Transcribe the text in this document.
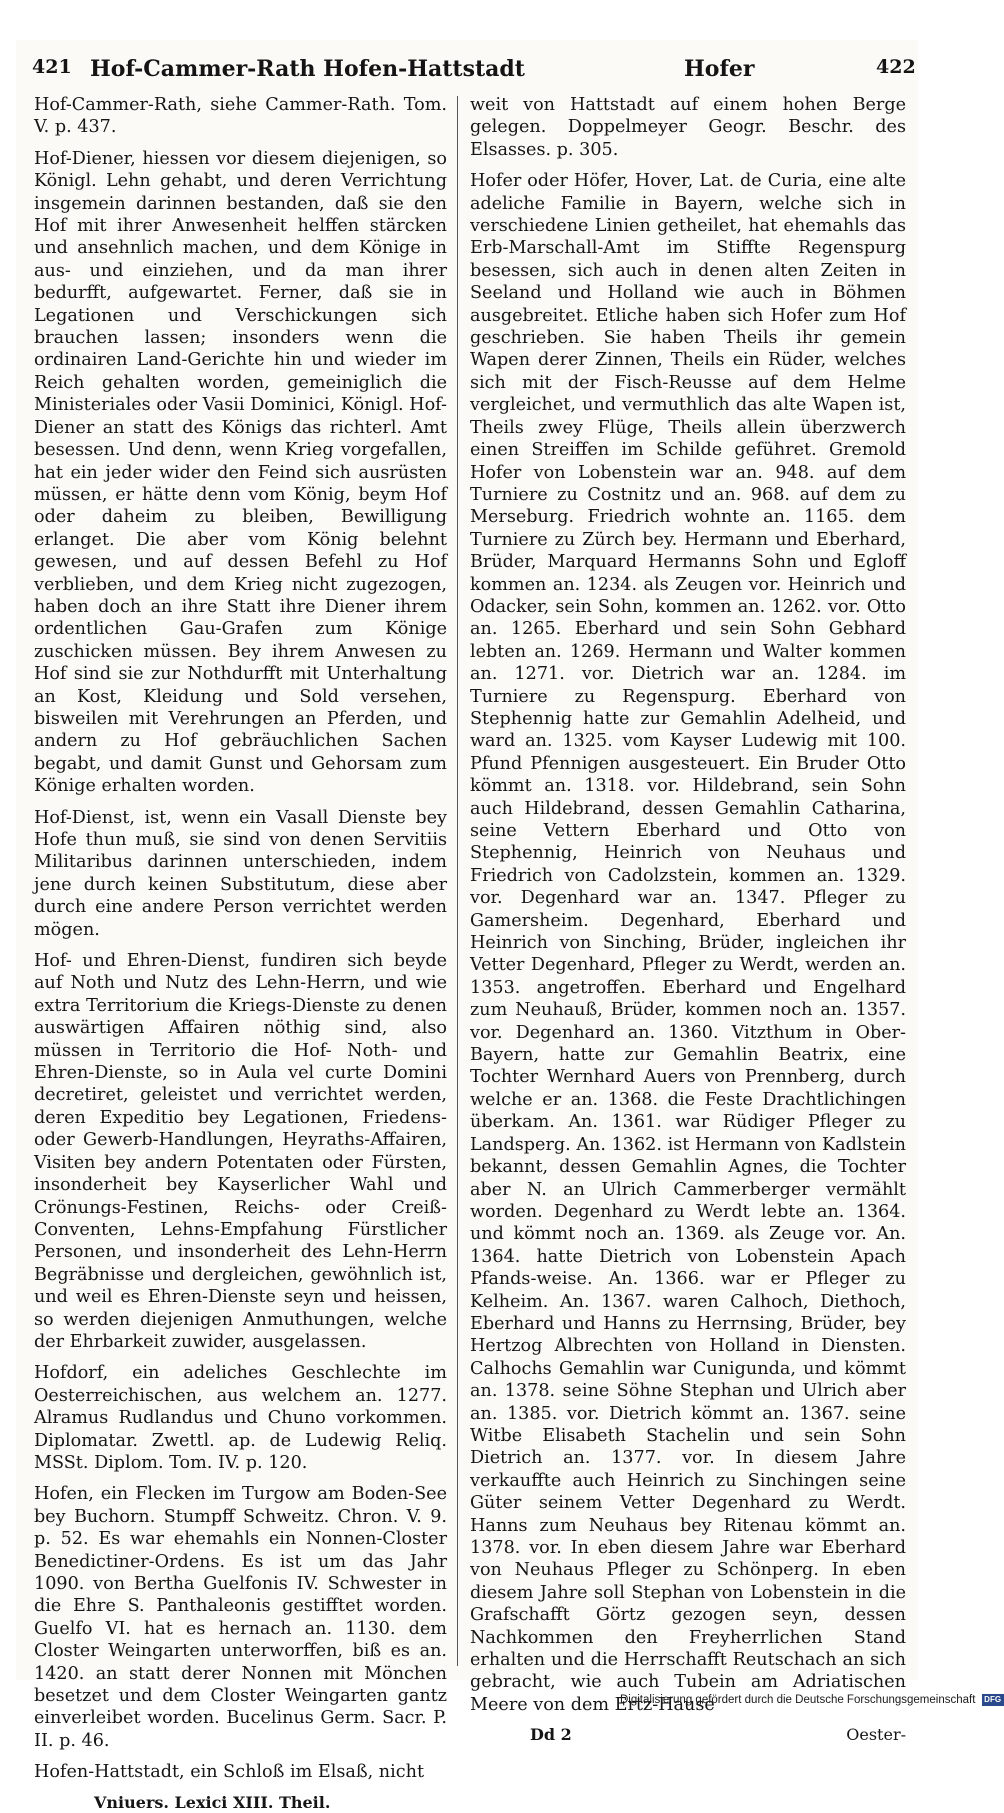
421 Hof-Cammer-Rath Hofen-Hattstadt	Hofer	422

Hof-Cammer-Rath, siehe Cammer-Rath. Tom. V. p. 437.

Hof-Diener, hiessen vor diesem diejenigen, so Königl. Lehn gehabt, und deren Verrichtung insgemein darinnen bestanden, daß sie den Hof mit ihrer Anwesenheit helffen stärcken und ansehnlich machen, und dem Könige in aus- und einziehen, und da man ihrer bedurfft, aufgewartet. Ferner, daß sie in Legationen und Verschickungen sich brauchen lassen; insonders wenn die ordinairen Land-Gerichte hin und wieder im Reich gehalten worden, gemeiniglich die Ministeriales oder Vasii Dominici, Königl. Hof-Diener an statt des Königs das richterl. Amt besessen. Und denn, wenn Krieg vorgefallen, hat ein jeder wider den Feind sich ausrüsten müssen, er hätte denn vom König, beym Hof oder daheim zu bleiben, Bewilligung erlanget. Die aber vom König belehnt gewesen, und auf dessen Befehl zu Hof verblieben, und dem Krieg nicht zugezogen, haben doch an ihre Statt ihre Diener ihrem ordentlichen Gau-Grafen zum Könige zuschicken müssen. Bey ihrem Anwesen zu Hof sind sie zur Nothdurfft mit Unterhaltung an Kost, Kleidung und Sold versehen, bisweilen mit Verehrungen an Pferden, und andern zu Hof gebräuchlichen Sachen begabt, und damit Gunst und Gehorsam zum Könige erhalten worden.

Hof-Dienst, ist, wenn ein Vasall Dienste bey Hofe thun muß, sie sind von denen Servitiis Militaribus darinnen unterschieden, indem jene durch keinen Substitutum, diese aber durch eine andere Person verrichtet werden mögen.

Hof- und Ehren-Dienst, fundiren sich beyde auf Noth und Nutz des Lehn-Herrn, und wie extra Territorium die Kriegs-Dienste zu denen auswärtigen Affairen nöthig sind, also müssen in Territorio die Hof- Noth- und Ehren-Dienste, so in Aula vel curte Domini decretiret, geleistet und verrichtet werden, deren Expeditio bey Legationen, Friedens- oder Gewerb-Handlungen, Heyraths-Affairen, Visiten bey andern Potentaten oder Fürsten, insonderheit bey Kayserlicher Wahl und Crönungs-Festinen, Reichs- oder Creiß-Conventen, Lehns-Empfahung Fürstlicher Personen, und insonderheit des Lehn-Herrn Begräbnisse und dergleichen, gewöhnlich ist, und weil es Ehren-Dienste seyn und heissen, so werden diejenigen Anmuthungen, welche der Ehrbarkeit zuwider, ausgelassen.

Hofdorf, ein adeliches Geschlechte im Oesterreichischen, aus welchem an. 1277. Alramus Rudlandus und Chuno vorkommen. Diplomatar. Zwettl. ap. de Ludewig Reliq. MSSt. Diplom. Tom. IV. p. 120.

Hofen, ein Flecken im Turgow am Boden-See bey Buchorn. Stumpff Schweitz. Chron. V. 9. p. 52. Es war ehemahls ein Nonnen-Closter Benedictiner-Ordens. Es ist um das Jahr 1090. von Bertha Guelfonis IV. Schwester in die Ehre S. Panthaleonis gestifftet worden. Guelfo VI. hat es hernach an. 1130. dem Closter Weingarten unterworffen, biß es an. 1420. an statt derer Nonnen mit Mönchen besetzet und dem Closter Weingarten gantz einverleibet worden. Bucelinus Germ. Sacr. P. II. p. 46.

Hofen-Hattstadt, ein Schloß im Elsaß, nicht

Vniuers. Lexici XIII. Theil.

weit von Hattstadt auf einem hohen Berge gelegen. Doppelmeyer Geogr. Beschr. des Elsasses. p. 305.

Hofer oder Höfer, Hover, Lat. de Curia, eine alte adeliche Familie in Bayern, welche sich in verschiedene Linien getheilet, hat ehemahls das Erb-Marschall-Amt im Stiffte Regenspurg besessen, sich auch in denen alten Zeiten in Seeland und Holland wie auch in Böhmen ausgebreitet. Etliche haben sich Hofer zum Hof geschrieben. Sie haben Theils ihr gemein Wapen derer Zinnen, Theils ein Rüder, welches sich mit der Fisch-Reusse auf dem Helme vergleichet, und vermuthlich das alte Wapen ist, Theils zwey Flüge, Theils allein überzwerch einen Streiffen im Schilde geführet. Gremold Hofer von Lobenstein war an. 948. auf dem Turniere zu Costnitz und an. 968. auf dem zu Merseburg. Friedrich wohnte an. 1165. dem Turniere zu Zürch bey. Hermann und Eberhard, Brüder, Marquard Hermanns Sohn und Egloff kommen an. 1234. als Zeugen vor. Heinrich und Odacker, sein Sohn, kommen an. 1262. vor. Otto an. 1265. Eberhard und sein Sohn Gebhard lebten an. 1269. Hermann und Walter kommen an. 1271. vor. Dietrich war an. 1284. im Turniere zu Regenspurg. Eberhard von Stephennig hatte zur Gemahlin Adelheid, und ward an. 1325. vom Kayser Ludewig mit 100. Pfund Pfennigen ausgesteuert. Ein Bruder Otto kömmt an. 1318. vor. Hildebrand, sein Sohn auch Hildebrand, dessen Gemahlin Catharina, seine Vettern Eberhard und Otto von Stephennig, Heinrich von Neuhaus und Friedrich von Cadolzstein, kommen an. 1329. vor. Degenhard war an. 1347. Pfleger zu Gamersheim. Degenhard, Eberhard und Heinrich von Sinching, Brüder, ingleichen ihr Vetter Degenhard, Pfleger zu Werdt, werden an. 1353. angetroffen. Eberhard und Engelhard zum Neuhauß, Brüder, kommen noch an. 1357. vor. Degenhard an. 1360. Vitzthum in Ober-Bayern, hatte zur Gemahlin Beatrix, eine Tochter Wernhard Auers von Prennberg, durch welche er an. 1368. die Feste Drachtlichingen überkam. An. 1361. war Rüdiger Pfleger zu Landsperg. An. 1362. ist Hermann von Kadlstein bekannt, dessen Gemahlin Agnes, die Tochter aber N. an Ulrich Cammerberger vermählt worden. Degenhard zu Werdt lebte an. 1364. und kömmt noch an. 1369. als Zeuge vor. An. 1364. hatte Dietrich von Lobenstein Apach Pfands-weise. An. 1366. war er Pfleger zu Kelheim. An. 1367. waren Calhoch, Diethoch, Eberhard und Hanns zu Herrnsing, Brüder, bey Hertzog Albrechten von Holland in Diensten. Calhochs Gemahlin war Cunigunda, und kömmt an. 1378. seine Söhne Stephan und Ulrich aber an. 1385. vor. Dietrich kömmt an. 1367. seine Witbe Elisabeth Stachelin und sein Sohn Dietrich an. 1377. vor. In diesem Jahre verkauffte auch Heinrich zu Sinchingen seine Güter seinem Vetter Degenhard zu Werdt. Hanns zum Neuhaus bey Ritenau kömmt an. 1378. vor. In eben diesem Jahre war Eberhard von Neuhaus Pfleger zu Schönperg. In eben diesem Jahre soll Stephan von Lobenstein in die Grafschafft Görtz gezogen seyn, dessen Nachkommen den Freyherrlichen Stand erhalten und die Herrschafft Reutschach an sich gebracht, wie auch Tubein am Adriatischen Meere von dem Ertz-Hause

Dd 2	Oester-
Digitalisierung gefördert durch die Deutsche Forschungsgemeinschaft DFG
